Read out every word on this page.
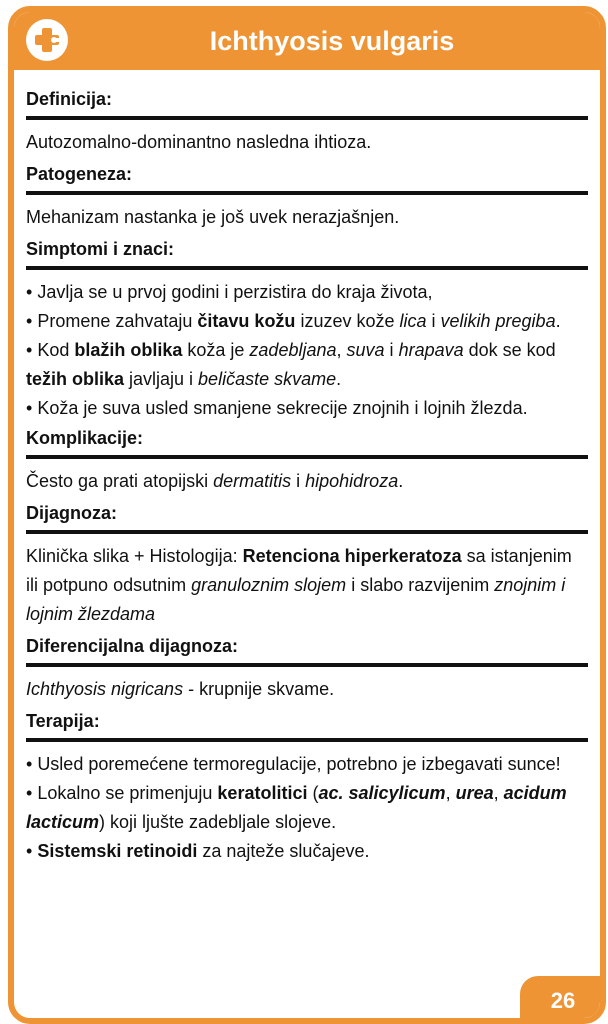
Ichthyosis vulgaris
Definicija:
Autozomalno-dominantno nasledna ihtioza.
Patogeneza:
Mehanizam nastanka je još uvek nerazjašnjen.
Simptomi i znaci:
• Javlja se u prvoj godini i perzistira do kraja života,
• Promene zahvataju čitavu kožu izuzev kože lica i velikih pregiba.
• Kod blažih oblika koža je zadebljana, suva i hrapava dok se kod težih oblika javljaju i beličaste skvame.
• Koža je suva usled smanjene sekrecije znojnih i lojnih žlezda.
Komplikacije:
Često ga prati atopijski dermatitis i hipohidroza.
Dijagnoza:
Klinička slika + Histologija: Retenciona hiperkeratoza sa istanjenim ili potpuno odsutnim granuloznim slojem i slabo razvijenim znojnim i lojnim žlezdama
Diferencijalna dijagnoza:
Ichthyosis nigricans - krupnije skvame.
Terapija:
• Usled poremećene termoregulacije, potrebno je izbegavati sunce!
• Lokalno se primenjuju keratolitici (ac. salicylicum, urea, acidum lacticum) koji ljušte zadebljale slojeve.
• Sistemski retinoidi za najteže slučajeve.
26
